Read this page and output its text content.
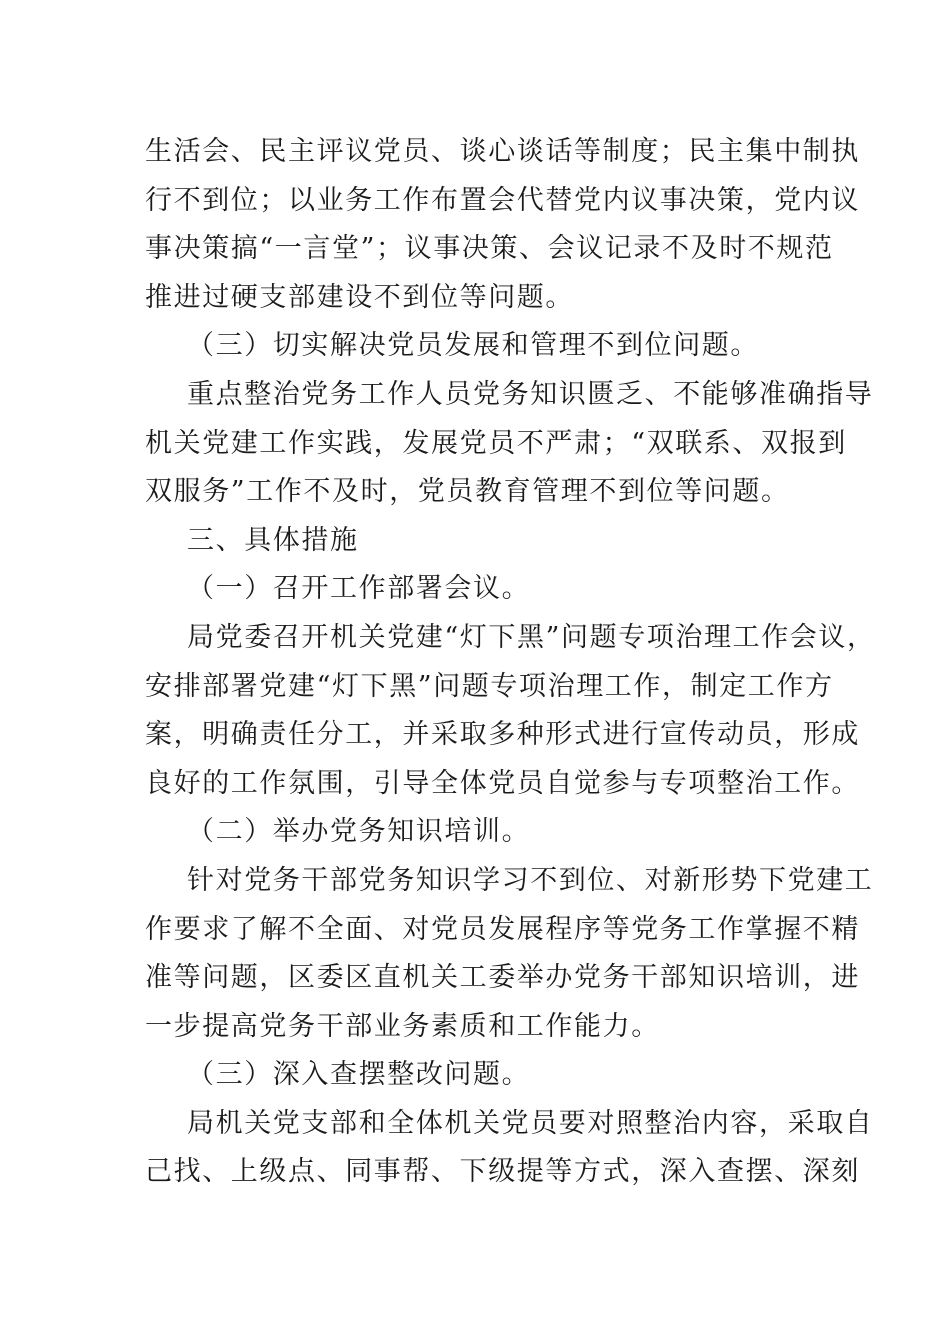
生活会、民主评议党员、谈心谈话等制度；民主集中制执
行不到位；以业务工作布置会代替党内议事决策，党内议
事决策搞“一言堂”；议事决策、会议记录不及时不规范
推进过硬支部建设不到位等问题。
（三）切实解决党员发展和管理不到位问题。
重点整治党务工作人员党务知识匮乏、不能够准确指导
机关党建工作实践，发展党员不严肃；“双联系、双报到
双服务”工作不及时，党员教育管理不到位等问题。
三、具体措施
（一）召开工作部署会议。
局党委召开机关党建“灯下黑”问题专项治理工作会议，
安排部署党建“灯下黑”问题专项治理工作，制定工作方
案，明确责任分工，并采取多种形式进行宣传动员，形成
良好的工作氛围，引导全体党员自觉参与专项整治工作。
（二）举办党务知识培训。
针对党务干部党务知识学习不到位、对新形势下党建工
作要求了解不全面、对党员发展程序等党务工作掌握不精
准等问题，区委区直机关工委举办党务干部知识培训，进
一步提高党务干部业务素质和工作能力。
（三）深入查摆整改问题。
局机关党支部和全体机关党员要对照整治内容，采取自
己找、上级点、同事帮、下级提等方式，深入查摆、深刻
